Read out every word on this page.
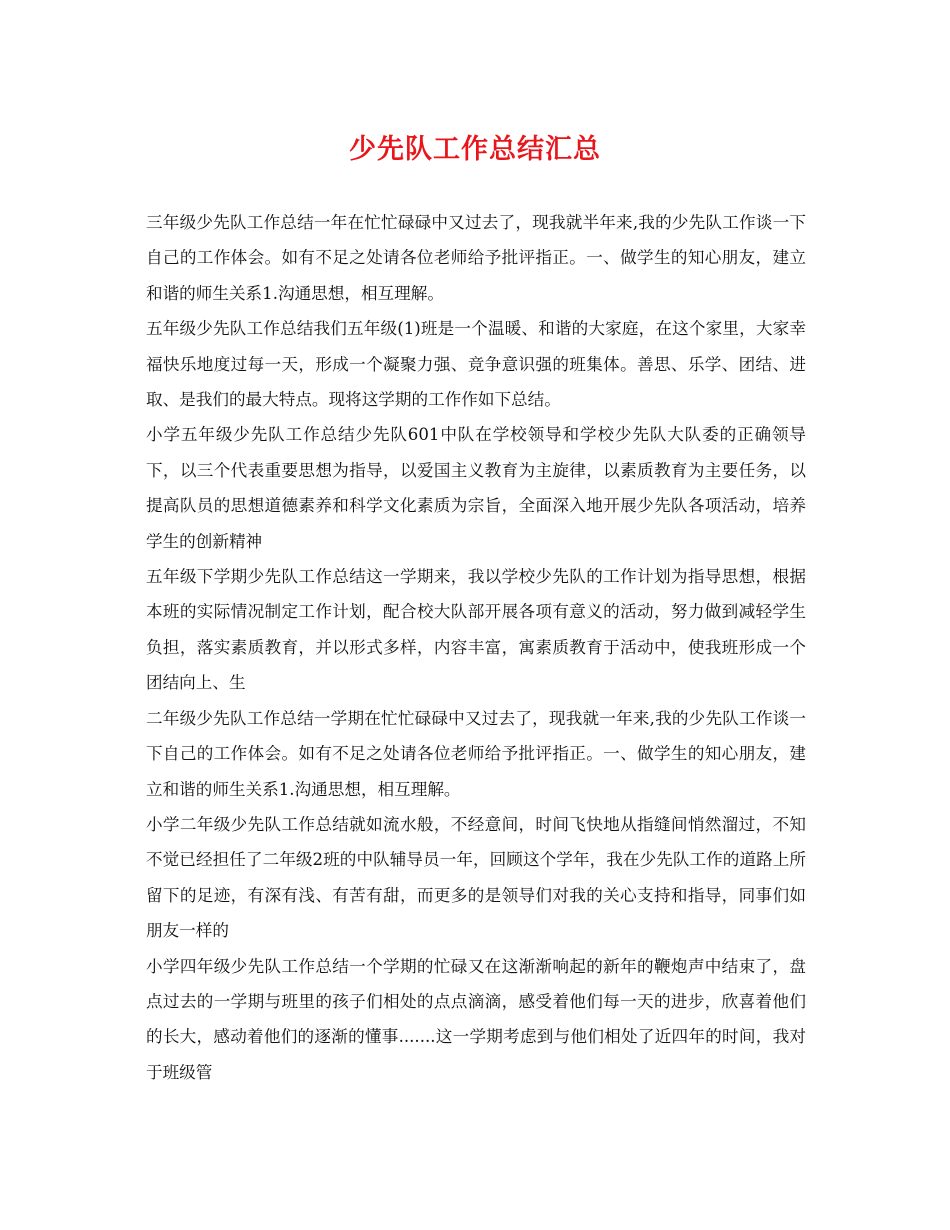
少先队工作总结汇总

三年级少先队工作总结一年在忙忙碌碌中又过去了，现我就半年来,我的少先队工作谈一下自己的工作体会。如有不足之处请各位老师给予批评指正。一、做学生的知心朋友，建立和谐的师生关系1.沟通思想，相互理解。

五年级少先队工作总结我们五年级(1)班是一个温暖、和谐的大家庭，在这个家里，大家幸福快乐地度过每一天，形成一个凝聚力强、竞争意识强的班集体。善思、乐学、团结、进取、是我们的最大特点。现将这学期的工作作如下总结。

小学五年级少先队工作总结少先队601中队在学校领导和学校少先队大队委的正确领导下，以三个代表重要思想为指导，以爱国主义教育为主旋律，以素质教育为主要任务，以提高队员的思想道德素养和科学文化素质为宗旨，全面深入地开展少先队各项活动，培养学生的创新精神

五年级下学期少先队工作总结这一学期来，我以学校少先队的工作计划为指导思想，根据本班的实际情况制定工作计划，配合校大队部开展各项有意义的活动，努力做到减轻学生负担，落实素质教育，并以形式多样，内容丰富，寓素质教育于活动中，使我班形成一个团结向上、生

二年级少先队工作总结一学期在忙忙碌碌中又过去了，现我就一年来,我的少先队工作谈一下自己的工作体会。如有不足之处请各位老师给予批评指正。一、做学生的知心朋友，建立和谐的师生关系1.沟通思想，相互理解。

小学二年级少先队工作总结就如流水般，不经意间，时间飞快地从指缝间悄然溜过，不知不觉已经担任了二年级2班的中队辅导员一年，回顾这个学年，我在少先队工作的道路上所留下的足迹，有深有浅、有苦有甜，而更多的是领导们对我的关心支持和指导，同事们如朋友一样的

小学四年级少先队工作总结一个学期的忙碌又在这渐渐响起的新年的鞭炮声中结束了，盘点过去的一学期与班里的孩子们相处的点点滴滴，感受着他们每一天的进步，欣喜着他们的长大，感动着他们的逐渐的懂事.......这一学期考虑到与他们相处了近四年的时间，我对于班级管
